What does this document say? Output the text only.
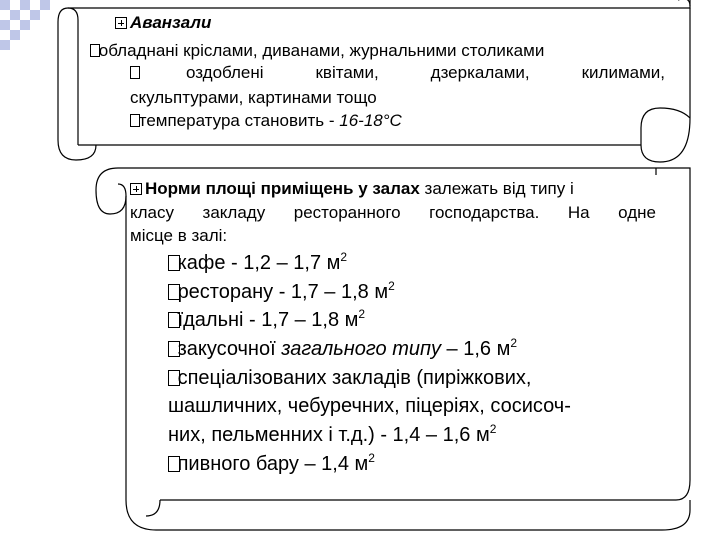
Аванзали
обладнані кріслами, диванами, журнальними столиками
оздоблені квітами, дзеркалами, килимами,
скульптурами, картинами тощо
температура становить - 16-18°C
Норми площі приміщень у залах залежать від типу і
класу закладу ресторанного господарства. На одне
місце в залі:
кафе - 1,2 – 1,7 $м^2$
ресторану - 1,7 – 1,8 $м^2$
їдальні - 1,7 – 1,8 $м^2$
закусочної загального типу – 1,6 $м^2$
спеціалізованих закладів (пиріжкових,
шашличних, чебуречних, піцеріях, сосисоч-
них, пельменних і т.д.) - 1,4 – 1,6 $м^2$
пивного бару – 1,4 $м^2$
